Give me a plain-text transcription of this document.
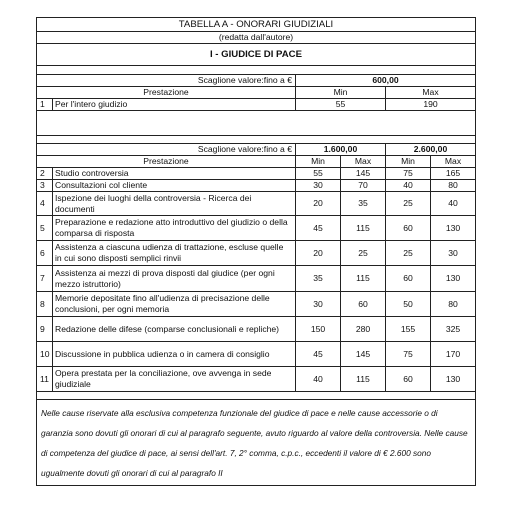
TABELLA A - ONORARI GIUDIZIALI					
(redatta dall'autore)					
I - GIUDICE DI PACE					

Scaglione valore:fino a €		600,00			
Prestazione		Min		Max	
1	Per l'intero giudizio	55		190	

Scaglione valore:fino a €		1.600,00		2.600,00	
Prestazione		Min	Max	Min	Max
2	Studio controversia	55	145	75	165
3	Consultazioni col cliente	30	70	40	80
4	Ispezione dei luoghi della controversia - Ricerca dei documenti	20	35	25	40
5	Preparazione e redazione atto introduttivo del giudizio o della comparsa di risposta	45	115	60	130
6	Assistenza a ciascuna udienza di trattazione, escluse quelle in cui sono disposti semplici rinvii	20	25	25	30
7	Assistenza ai mezzi di prova disposti dal giudice (per ogni mezzo istruttorio)	35	115	60	130
8	Memorie depositate fino all'udienza di precisazione delle conclusioni, per ogni memoria	30	60	50	80
9	Redazione delle difese (comparse conclusionali e repliche)	150	280	155	325
10	Discussione in pubblica udienza o in camera di consiglio	45	145	75	170
11	Opera prestata per la conciliazione, ove avvenga in sede giudiziale	40	115	60	130

Nelle cause riservate alla esclusiva competenza funzionale del giudice di pace e nelle cause accessorie o di garanzia sono dovuti gli onorari di cui al paragrafo seguente, avuto riguardo al valore della controversia. Nelle cause di competenza del giudice di pace, ai sensi dell'art. 7, 2° comma, c.p.c., eccedenti il valore di € 2.600 sono ugualmente dovuti gli onorari di cui al paragrafo II					
